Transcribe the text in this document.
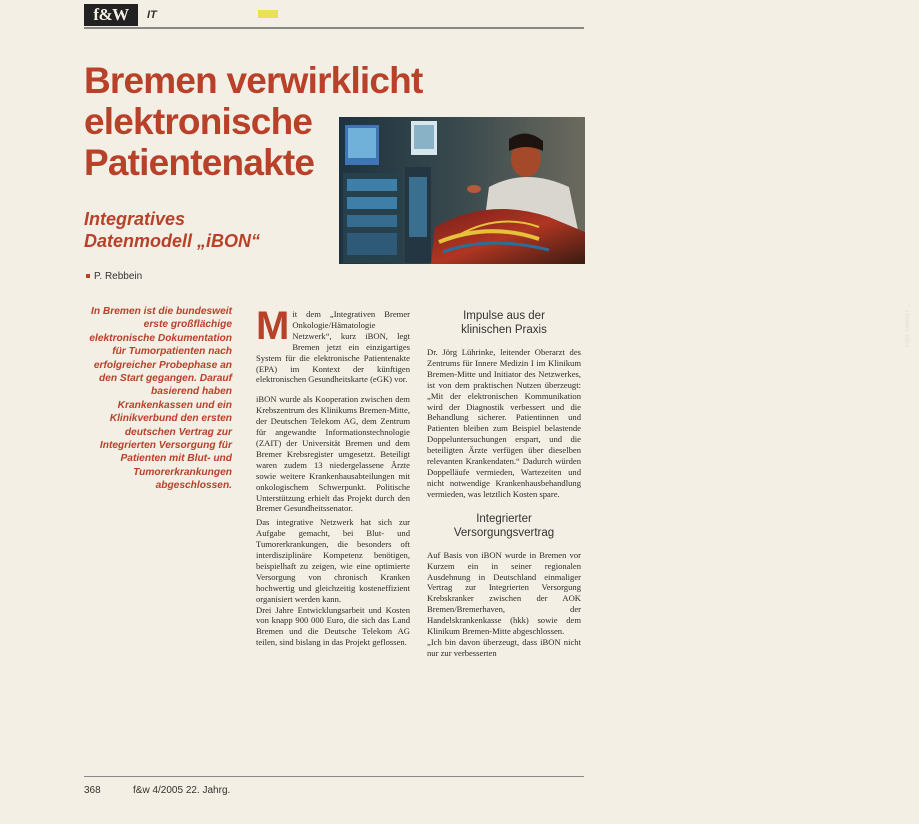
f&W	IT
Bremen verwirklicht
elektronische
Patientenakte
Foto: Fotolia / ...
Integratives
Datenmodell „iBON“
P. Rebbein

In Bremen ist die bundesweit erste großflächige elektronische Dokumentation für Tumorpatienten nach erfolgreicher Probephase an den Start gegangen. Darauf basierend haben Krankenkassen und ein Klinikverbund den ersten deutschen Vertrag zur Integrierten Versorgung für Patienten mit Blut- und Tumorerkrankungen abgeschlossen.

Mit dem „Integrativen Bremer Onkologie/Hämatologie Netzwerk“, kurz iBON, legt Bremen jetzt ein einzigartiges System für die elektronische Patientenakte (EPA) im Kontext der künftigen elektronischen Gesundheitskarte (eGK) vor.

iBON wurde als Kooperation zwischen dem Krebszentrum des Klinikums Bremen-Mitte, der Deutschen Telekom AG, dem Zentrum für angewandte Informationstechnologie (ZAIT) der Universität Bremen und dem Bremer Krebsregister umgesetzt. Beteiligt waren zudem 13 niedergelassene Ärzte sowie weitere Krankenhausabteilungen mit onkologischem Schwerpunkt. Politische Unterstützung erhielt das Projekt durch den Bremer Gesundheitssenator.

Das integrative Netzwerk hat sich zur Aufgabe gemacht, bei Blut- und Tumorerkrankungen, die besonders oft interdisziplinäre Kompetenz benötigen, beispielhaft zu zeigen, wie eine optimierte Versorgung von chronisch Kranken hochwertig und gleichzeitig kosteneffizient organisiert werden kann.

Drei Jahre Entwicklungsarbeit und Kosten von knapp 900 000 Euro, die sich das Land Bremen und die Deutsche Telekom AG teilen, sind bislang in das Projekt geflossen.

Impulse aus der
klinischen Praxis

Dr. Jörg Lührinke, leitender Oberarzt des Zentrums für Innere Medizin I im Klinikum Bremen-Mitte und Initiator des Netzwerkes, ist von dem praktischen Nutzen überzeugt: „Mit der elektronischen Kommunikation wird der Diagnostik verbessert und die Behandlung sicherer. Patientinnen und Patienten bleiben zum Beispiel belastende Doppeluntersuchungen erspart, und die beteiligten Ärzte verfügen über dieselben relevanten Krankendaten.“ Dadurch würden Doppelläufe vermieden, Wartezeiten und nicht notwendige Krankenhausbehandlung vermieden, was letztlich Kosten spare.

Integrierter
Versorgungsvertrag

Auf Basis von iBON wurde in Bremen vor Kurzem ein in seiner regionalen Ausdehnung in Deutschland einmaliger Vertrag zur Integrierten Versorgung Krebskranker zwischen der AOK Bremen/Bremerhaven, der Handelskrankenkasse (hkk) sowie dem Klinikum Bremen-Mitte abgeschlossen.

„Ich bin davon überzeugt, dass iBON nicht nur zur verbesserten

368	f&w 4/2005 22. Jahrg.
